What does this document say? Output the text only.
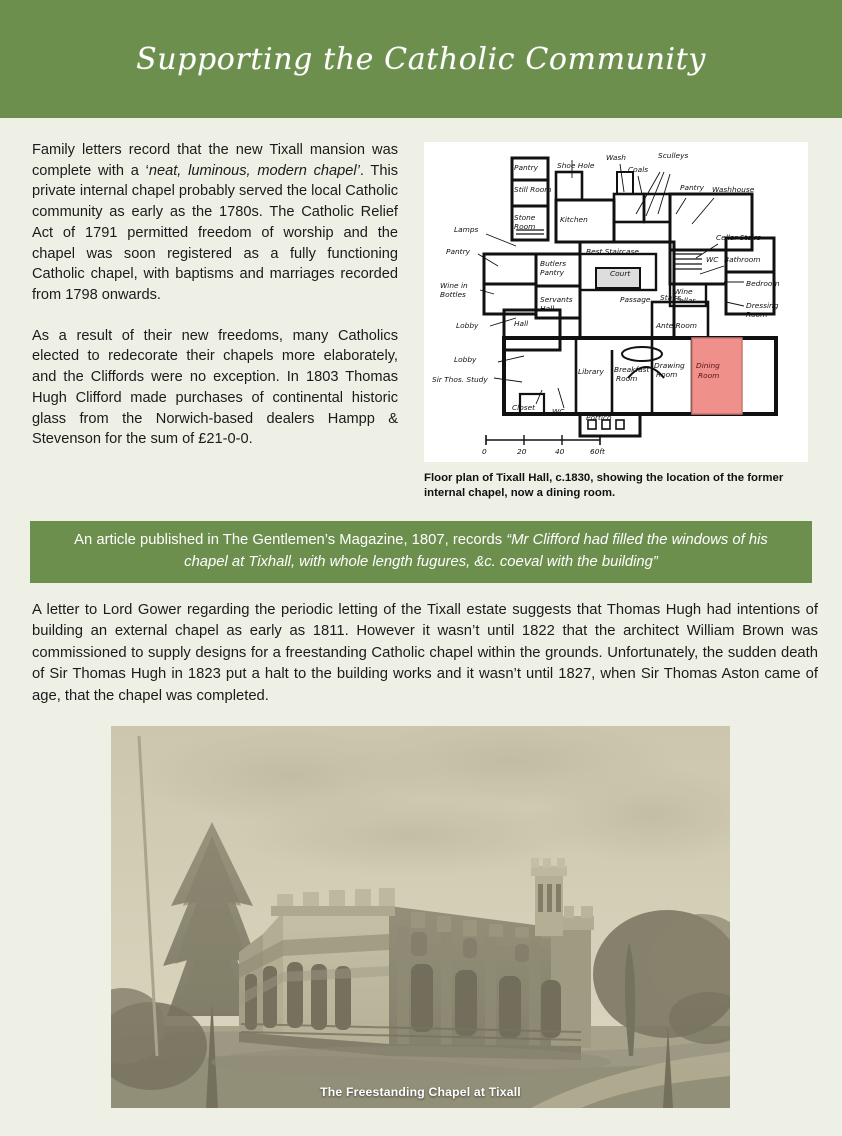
Supporting the Catholic Community

Family letters record that the new Tixall mansion was complete with a ‘neat, luminous, modern chapel’. This private internal chapel probably served the local Catholic community as early as the 1780s. The Catholic Relief Act of 1791 permitted freedom of worship and the chapel was soon registered as a fully functioning Catholic chapel, with baptisms and marriages recorded from 1798 onwards.

As a result of their new freedoms, many Catholics elected to redecorate their chapels more elaborately, and the Cliffords were no exception. In 1803 Thomas Hugh Clifford made purchases of continental historic glass from the Norwich-based dealers Hampp & Stevenson for the sum of £21-0-0.

Pantry
Still Room
Stone
Room
Kitchen
Shoe Hole
Wash
Coals
Sculleys
Pantry Washhouse
Cellar Stairs
WC Bathroom
Bedroom
Dressing
Room
Lamps
Pantry
Wine in
Bottles
Butlers
Pantry
Servants
Hall
Lobby	Hall
Lobby
Sir Thos. Study
Best Staircase
Passage
Court
Wine
Cellar
Stairs
Ante Room
Library Breakfast
Room
Drawing
Room
Dining
Room
Closet WC
Portico
0	20	40	60ft
Floor plan of Tixall Hall, c.1830, showing the location of the former internal chapel, now a dining room.
An article published in The Gentlemen’s Magazine, 1807, records “Mr Clifford had filled the windows of his chapel at Tixhall, with whole length fugures, &c. coeval with the building”

A letter to Lord Gower regarding the periodic letting of the Tixall estate suggests that Thomas Hugh had intentions of building an external chapel as early as 1811. However it wasn’t until 1822 that the architect William Brown was commissioned to supply designs for a freestanding Catholic chapel within the grounds. Unfortunately, the sudden death of Sir Thomas Hugh in 1823 put a halt to the building works and it wasn’t until 1827, when Sir Thomas Aston came of age, that the chapel was completed.

The Freestanding Chapel at Tixall
